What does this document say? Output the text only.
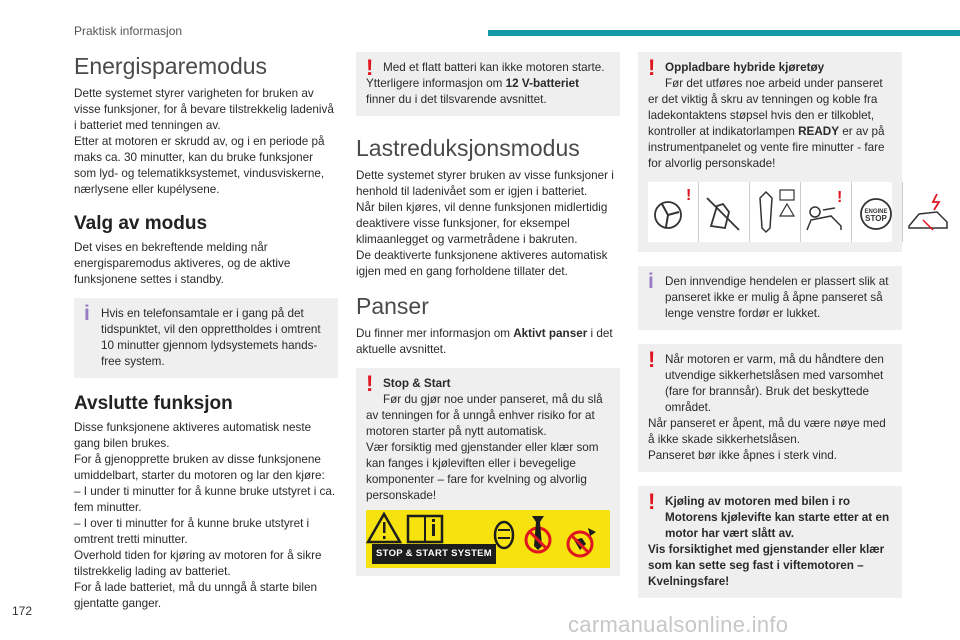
Praktisk informasjon
Energisparemodus

Dette systemet styrer varigheten for bruken av visse funksjoner, for å bevare tilstrekkelig ladenivå i batteriet med tenningen av.

Etter at motoren er skrudd av, og i en periode på maks ca. 30 minutter, kan du bruke funksjoner som lyd- og telematikksystemet, vindusviskerne, nærlysene eller kupélysene.

Valg av modus

Det vises en bekreftende melding når energisparemodus aktiveres, og de aktive funksjonene settes i standby.

i Hvis en telefonsamtale er i gang på det tidspunktet, vil den opprettholdes i omtrent 10 minutter gjennom lydsystemets hands-free system.
Avslutte funksjon

Disse funksjonene aktiveres automatisk neste gang bilen brukes.

For å gjenopprette bruken av disse funksjonene umiddelbart, starter du motoren og lar den kjøre:

– I under ti minutter for å kunne bruke utstyret i ca. fem minutter.

– I over ti minutter for å kunne bruke utstyret i omtrent tretti minutter.

Overhold tiden for kjøring av motoren for å sikre tilstrekkelig lading av batteriet.

For å lade batteriet, må du unngå å starte bilen gjentatte ganger.

! Med et flatt batteri kan ikke motoren starte.
Ytterligere informasjon om 12 V-batteriet finner du i det tilsvarende avsnittet.
Lastreduksjonsmodus

Dette systemet styrer bruken av visse funksjoner i henhold til ladenivået som er igjen i batteriet.

Når bilen kjøres, vil denne funksjonen midlertidig deaktivere visse funksjoner, for eksempel klimaanlegget og varmetrådene i bakruten.

De deaktiverte funksjonene aktiveres automatisk igjen med en gang forholdene tillater det.

Panser

Du finner mer informasjon om Aktivt panser i det aktuelle avsnittet.

! Stop & Start
Før du gjør noe under panseret, må du slå av tenningen for å unngå enhver risiko for at motoren starter på nytt automatisk.
Vær forsiktig med gjenstander eller klær som kan fanges i kjøleviften eller i bevegelige komponenter – fare for kvelning og alvorlig personskade!
STOP & START SYSTEM
! Oppladbare hybride kjøretøy
Før det utføres noe arbeid under panseret er det viktig å skru av tenningen og koble fra ladekontaktens støpsel hvis den er tilkoblet, kontroller at indikatorlampen READY er av på instrumentpanelet og vente fire minutter - fare for alvorlig personskade!
!	!
ENGINE
STOP
i Den innvendige hendelen er plassert slik at panseret ikke er mulig å åpne panseret så lenge venstre fordør er lukket.
! Når motoren er varm, må du håndtere den utvendige sikkerhetslåsen med varsomhet (fare for brannsår). Bruk det beskyttede området.
Når panseret er åpent, må du være nøye med å ikke skade sikkerhetslåsen.
Panseret bør ikke åpnes i sterk vind.
! Kjøling av motoren med bilen i ro
Motorens kjølevifte kan starte etter at en motor har vært slått av.
Vis forsiktighet med gjenstander eller klær som kan sette seg fast i viftemotoren – Kvelningsfare!
172
carmanualsonline.info
